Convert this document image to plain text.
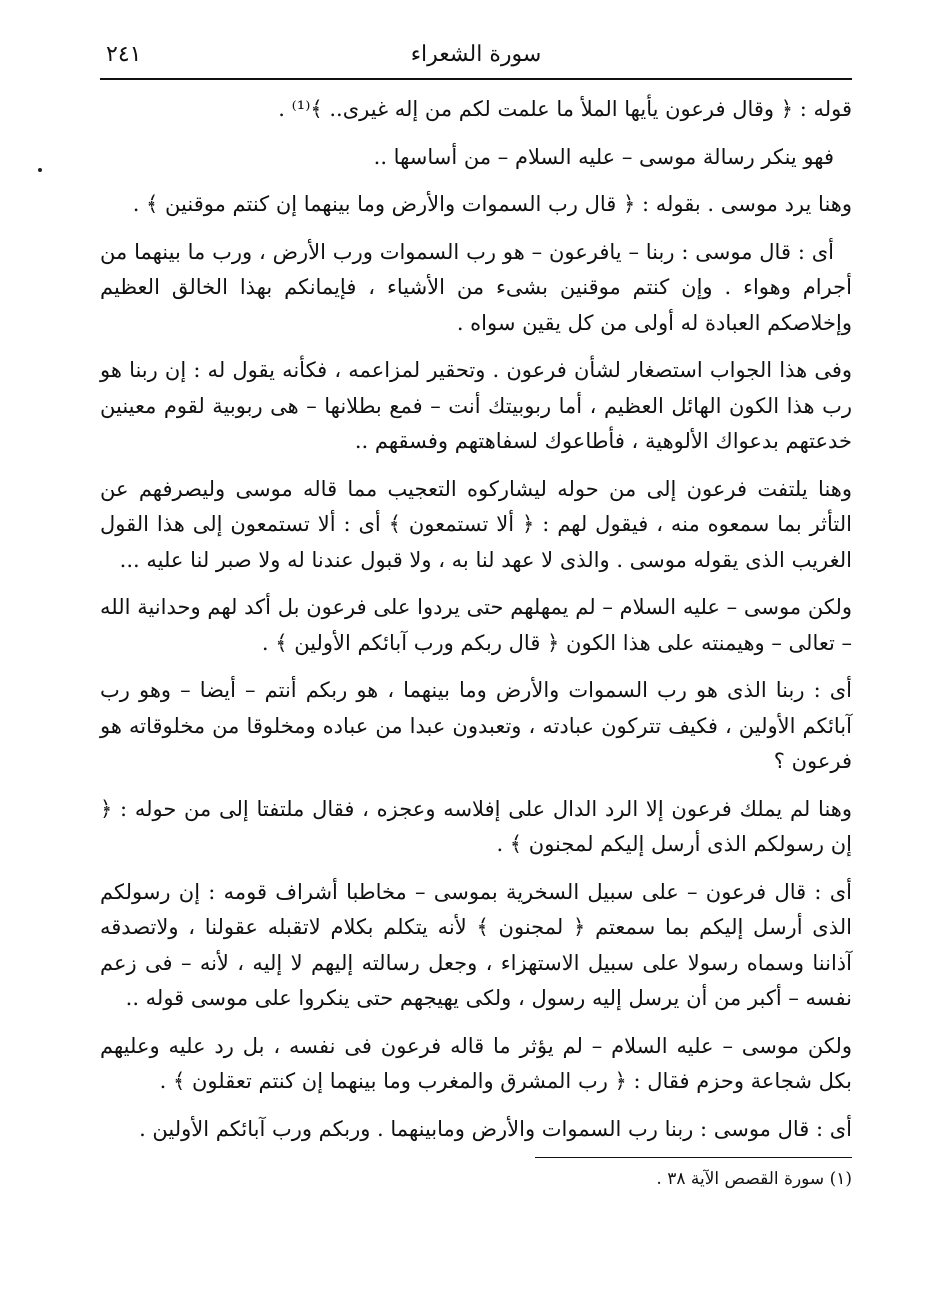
سورة الشعراء
٢٤١

قوله : ﴿ وقال فرعون يأيها الملأ ما علمت لكم من إله غيرى.. ﴾⁽¹⁾ .

فهو ينكر رسالة موسى – عليه السلام – من أساسها ..

وهنا يرد موسى . بقوله : ﴿ قال رب السموات والأرض وما بينهما إن كنتم موقنين ﴾ .

أى : قال موسى : ربنا – يافرعون – هو رب السموات ورب الأرض ، ورب ما بينهما من أجرام وهواء . وإن كنتم موقنين بشىء من الأشياء ، فإيمانكم بهذا الخالق العظيم وإخلاصكم العبادة له أولى من كل يقين سواه .

وفى هذا الجواب استصغار لشأن فرعون . وتحقير لمزاعمه ، فكأنه يقول له : إن ربنا هو رب هذا الكون الهائل العظيم ، أما ربوبيتك أنت – فمع بطلانها – هى ربوبية لقوم معينين خدعتهم بدعواك الألوهية ، فأطاعوك لسفاهتهم وفسقهم ..

وهنا يلتفت فرعون إلى من حوله ليشاركوه التعجيب مما قاله موسى وليصرفهم عن التأثر بما سمعوه منه ، فيقول لهم : ﴿ ألا تستمعون ﴾ أى : ألا تستمعون إلى هذا القول الغريب الذى يقوله موسى . والذى لا عهد لنا به ، ولا قبول عندنا له ولا صبر لنا عليه ...

ولكن موسى – عليه السلام – لم يمهلهم حتى يردوا على فرعون بل أكد لهم وحدانية الله – تعالى – وهيمنته على هذا الكون ﴿ قال ربكم ورب آبائكم الأولين ﴾ .

أى : ربنا الذى هو رب السموات والأرض وما بينهما ، هو ربكم أنتم – أيضا – وهو رب آبائكم الأولين ، فكيف تتركون عبادته ، وتعبدون عبدا من عباده ومخلوقا من مخلوقاته هو فرعون ؟

وهنا لم يملك فرعون إلا الرد الدال على إفلاسه وعجزه ، فقال ملتفتا إلى من حوله : ﴿ إن رسولكم الذى أرسل إليكم لمجنون ﴾ .

أى : قال فرعون – على سبيل السخرية بموسى – مخاطبا أشراف قومه : إن رسولكم الذى أرسل إليكم بما سمعتم ﴿ لمجنون ﴾ لأنه يتكلم بكلام لاتقبله عقولنا ، ولاتصدقه آذاننا وسماه رسولا على سبيل الاستهزاء ، وجعل رسالته إليهم لا إليه ، لأنه – فى زعم نفسه – أكبر من أن يرسل إليه رسول ، ولكى يهيجهم حتى ينكروا على موسى قوله ..

ولكن موسى – عليه السلام – لم يؤثر ما قاله فرعون فى نفسه ، بل رد عليه وعليهم بكل شجاعة وحزم فقال : ﴿ رب المشرق والمغرب وما بينهما إن كنتم تعقلون ﴾ .

أى : قال موسى : ربنا رب السموات والأرض ومابينهما . وربكم ورب آبائكم الأولين .

(١) سورة القصص الآية ٣٨ .
